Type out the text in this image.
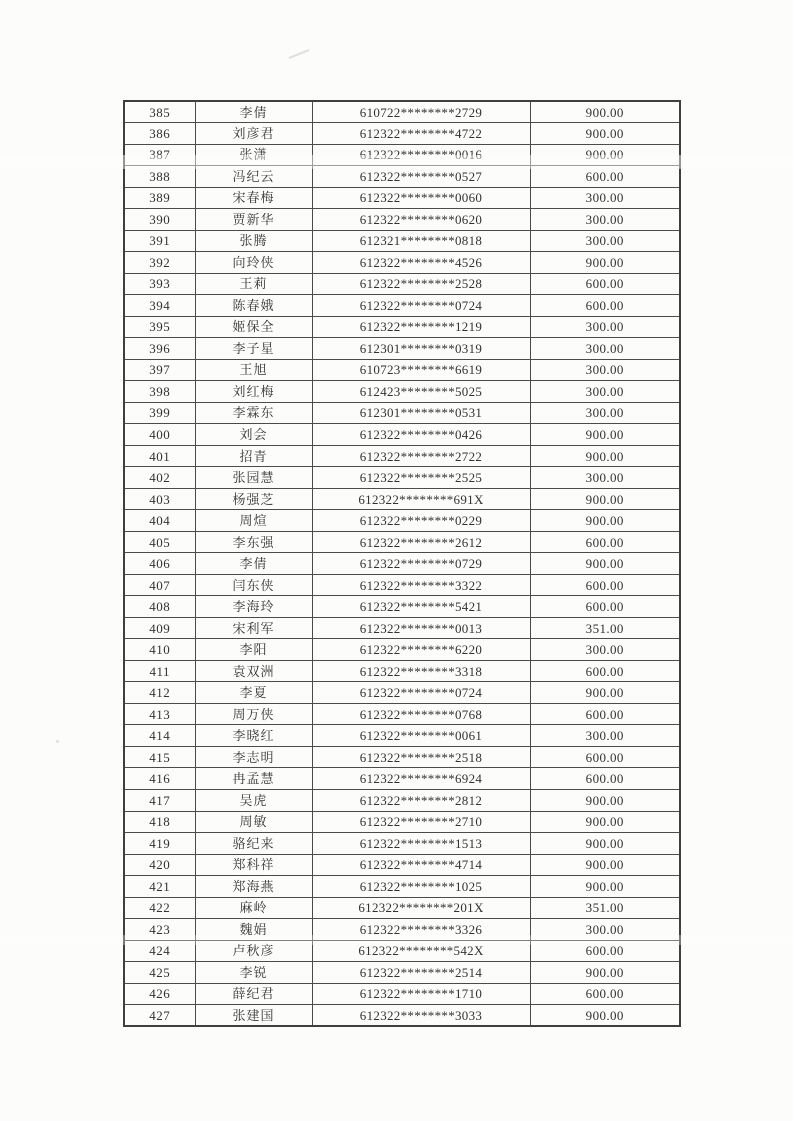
385	李倩	610722********2729	900.00
386	刘彦君	612322********4722	900.00
387	张潇	612322********0016	900.00
388	冯纪云	612322********0527	600.00
389	宋春梅	612322********0060	300.00
390	贾新华	612322********0620	300.00
391	张腾	612321********0818	300.00
392	向玲侠	612322********4526	900.00
393	王莉	612322********2528	600.00
394	陈春娥	612322********0724	600.00
395	姬保全	612322********1219	300.00
396	李子星	612301********0319	300.00
397	王旭	610723********6619	300.00
398	刘红梅	612423********5025	300.00
399	李霖东	612301********0531	300.00
400	刘会	612322********0426	900.00
401	招青	612322********2722	900.00
402	张园慧	612322********2525	300.00
403	杨强芝	612322********691X	900.00
404	周煊	612322********0229	900.00
405	李东强	612322********2612	600.00
406	李倩	612322********0729	900.00
407	闫东侠	612322********3322	600.00
408	李海玲	612322********5421	600.00
409	宋利军	612322********0013	351.00
410	李阳	612322********6220	300.00
411	袁双洲	612322********3318	600.00
412	李夏	612322********0724	900.00
413	周万侠	612322********0768	600.00
414	李晓红	612322********0061	300.00
415	李志明	612322********2518	600.00
416	冉孟慧	612322********6924	600.00
417	吴虎	612322********2812	900.00
418	周敏	612322********2710	900.00
419	骆纪来	612322********1513	900.00
420	郑科祥	612322********4714	900.00
421	郑海燕	612322********1025	900.00
422	麻岭	612322********201X	351.00
423	魏娟	612322********3326	300.00
424	卢秋彦	612322********542X	600.00
425	李锐	612322********2514	900.00
426	薛纪君	612322********1710	600.00
427	张建国	612322********3033	900.00
